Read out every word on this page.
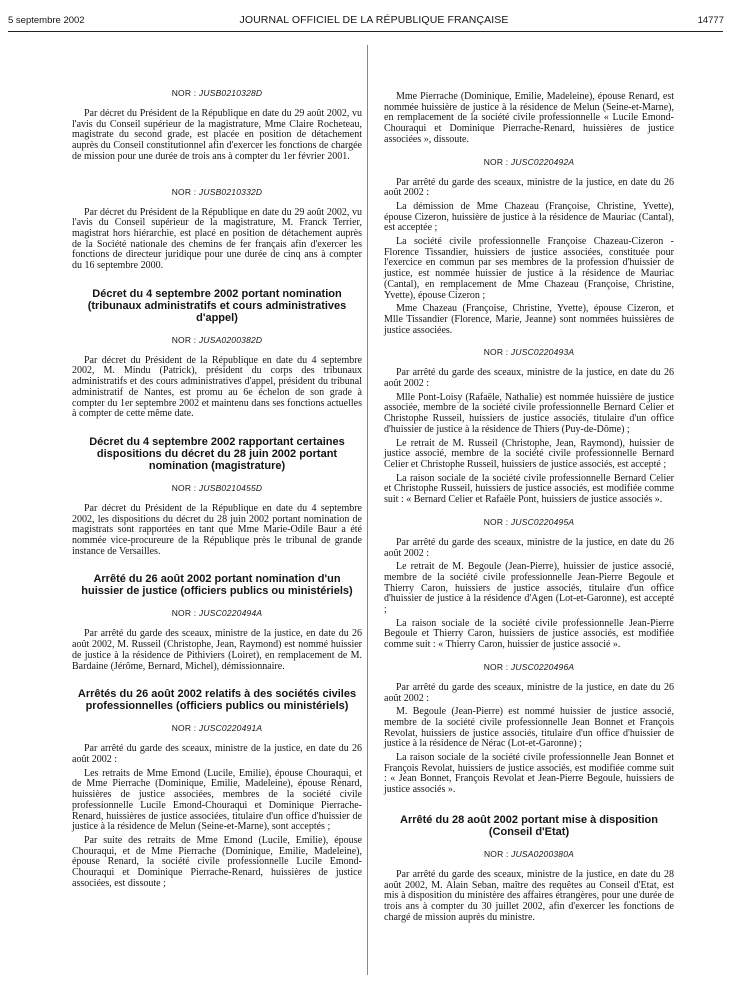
5 septembre 2002	JOURNAL OFFICIEL DE LA RÉPUBLIQUE FRANÇAISE	14777
NOR : JUSB0210328D

Par décret du Président de la République en date du 29 août 2002, vu l'avis du Conseil supérieur de la magistrature, Mme Claire Rocheteau, magistrate du second grade, est placée en position de détachement auprès du Conseil constitutionnel afin d'exercer les fonctions de chargée de mission pour une durée de trois ans à compter du 1er février 2001.

NOR : JUSB0210332D

Par décret du Président de la République en date du 29 août 2002, vu l'avis du Conseil supérieur de la magistrature, M. Franck Terrier, magistrat hors hiérarchie, est placé en position de détachement auprès de la Société nationale des chemins de fer français afin d'exercer les fonctions de directeur juridique pour une durée de cinq ans à compter du 16 septembre 2000.

Décret du 4 septembre 2002 portant nomination (tribunaux administratifs et cours administratives d'appel)
NOR : JUSA0200382D

Par décret du Président de la République en date du 4 septembre 2002, M. Mindu (Patrick), président du corps des tribunaux administratifs et des cours administratives d'appel, président du tribunal administratif de Nantes, est promu au 6e échelon de son grade à compter du 1er septembre 2002 et maintenu dans ses fonctions actuelles à compter de cette même date.

Décret du 4 septembre 2002 rapportant certaines dispositions du décret du 28 juin 2002 portant nomination (magistrature)
NOR : JUSB0210455D

Par décret du Président de la République en date du 4 septembre 2002, les dispositions du décret du 28 juin 2002 portant nomination de magistrats sont rapportées en tant que Mme Marie-Odile Baur a été nommée vice-procureure de la République près le tribunal de grande instance de Versailles.

Arrêté du 26 août 2002 portant nomination d'un huissier de justice (officiers publics ou ministériels)
NOR : JUSC0220494A

Par arrêté du garde des sceaux, ministre de la justice, en date du 26 août 2002, M. Russeil (Christophe, Jean, Raymond) est nommé huissier de justice à la résidence de Pithiviers (Loiret), en remplacement de M. Bardaine (Jérôme, Bernard, Michel), démissionnaire.

Arrêtés du 26 août 2002 relatifs à des sociétés civiles professionnelles (officiers publics ou ministériels)
NOR : JUSC0220491A

Par arrêté du garde des sceaux, ministre de la justice, en date du 26 août 2002 :

Les retraits de Mme Emond (Lucile, Emilie), épouse Chouraqui, et de Mme Pierrache (Dominique, Emilie, Madeleine), épouse Renard, huissières de justice associées, membres de la société civile professionnelle Lucile Emond-Chouraqui et Dominique Pierrache-Renard, huissières de justice associées, titulaire d'un office d'huissier de justice à la résidence de Melun (Seine-et-Marne), sont acceptés ;

Par suite des retraits de Mme Emond (Lucile, Emilie), épouse Chouraqui, et de Mme Pierrache (Dominique, Emilie, Madeleine), épouse Renard, la société civile professionnelle Lucile Emond-Chouraqui et Dominique Pierrache-Renard, huissières de justice associées, est dissoute ;

Mme Pierrache (Dominique, Emilie, Madeleine), épouse Renard, est nommée huissière de justice à la résidence de Melun (Seine-et-Marne), en remplacement de la société civile professionnelle « Lucile Emond-Chouraqui et Dominique Pierrache-Renard, huissières de justice associées », dissoute.

NOR : JUSC0220492A

Par arrêté du garde des sceaux, ministre de la justice, en date du 26 août 2002 :

La démission de Mme Chazeau (Françoise, Christine, Yvette), épouse Cizeron, huissière de justice à la résidence de Mauriac (Cantal), est acceptée ;

La société civile professionnelle Françoise Chazeau-Cizeron - Florence Tissandier, huissiers de justice associées, constituée pour l'exercice en commun par ses membres de la profession d'huissier de justice, est nommée huissier de justice à la résidence de Mauriac (Cantal), en remplacement de Mme Chazeau (Françoise, Christine, Yvette), épouse Cizeron ;

Mme Chazeau (Françoise, Christine, Yvette), épouse Cizeron, et Mlle Tissandier (Florence, Marie, Jeanne) sont nommées huissières de justice associées.

NOR : JUSC0220493A

Par arrêté du garde des sceaux, ministre de la justice, en date du 26 août 2002 :

Mlle Pont-Loisy (Rafaële, Nathalie) est nommée huissière de justice associée, membre de la société civile professionnelle Bernard Celier et Christophe Russeil, huissiers de justice associés, titulaire d'un office d'huissier de justice à la résidence de Thiers (Puy-de-Dôme) ;

Le retrait de M. Russeil (Christophe, Jean, Raymond), huissier de justice associé, membre de la société civile professionnelle Bernard Celier et Christophe Russeil, huissiers de justice associés, est accepté ;

La raison sociale de la société civile professionnelle Bernard Celier et Christophe Russeil, huissiers de justice associés, est modifiée comme suit : « Bernard Celier et Rafaële Pont, huissiers de justice associés ».

NOR : JUSC0220495A

Par arrêté du garde des sceaux, ministre de la justice, en date du 26 août 2002 :

Le retrait de M. Begoule (Jean-Pierre), huissier de justice associé, membre de la société civile professionnelle Jean-Pierre Begoule et Thierry Caron, huissiers de justice associés, titulaire d'un office d'huissier de justice à la résidence d'Agen (Lot-et-Garonne), est accepté ;

La raison sociale de la société civile professionnelle Jean-Pierre Begoule et Thierry Caron, huissiers de justice associés, est modifiée comme suit : « Thierry Caron, huissier de justice associé ».

NOR : JUSC0220496A

Par arrêté du garde des sceaux, ministre de la justice, en date du 26 août 2002 :

M. Begoule (Jean-Pierre) est nommé huissier de justice associé, membre de la société civile professionnelle Jean Bonnet et François Revolat, huissiers de justice associés, titulaire d'un office d'huissier de justice à la résidence de Nérac (Lot-et-Garonne) ;

La raison sociale de la société civile professionnelle Jean Bonnet et François Revolat, huissiers de justice associés, est modifiée comme suit : « Jean Bonnet, François Revolat et Jean-Pierre Begoule, huissiers de justice associés ».

Arrêté du 28 août 2002 portant mise à disposition (Conseil d'Etat)
NOR : JUSA0200380A

Par arrêté du garde des sceaux, ministre de la justice, en date du 28 août 2002, M. Alain Seban, maître des requêtes au Conseil d'Etat, est mis à disposition du ministère des affaires étrangères, pour une durée de trois ans à compter du 30 juillet 2002, afin d'exercer les fonctions de chargé de mission auprès du ministre.
